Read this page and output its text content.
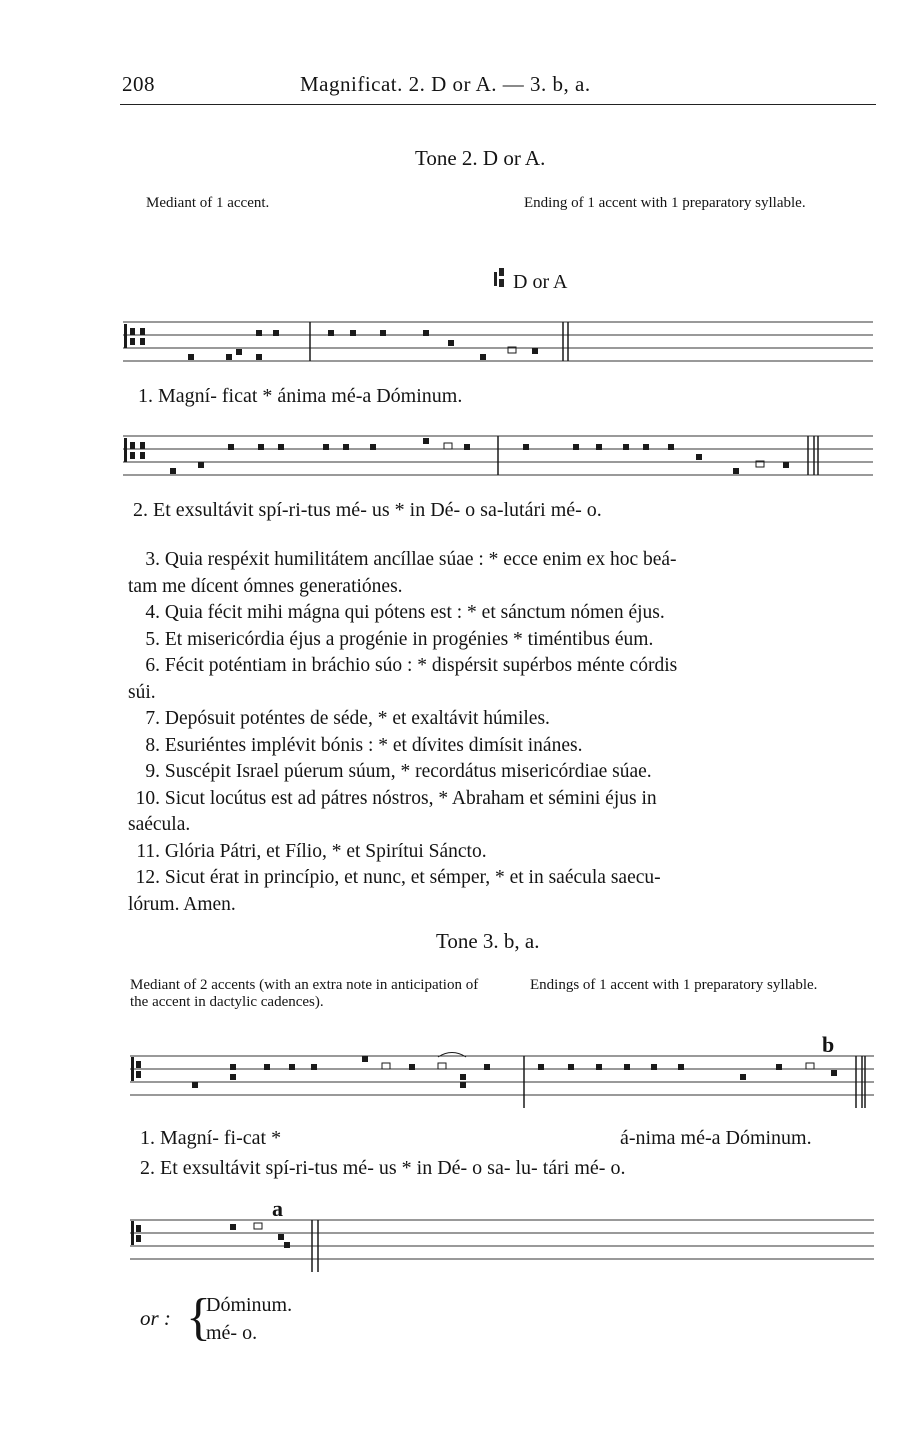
208	Magnificat. 2. D or A. — 3. b, a.
Tone 2. D or A.
Mediant of 1 accent.	Ending of 1 accent with 1 preparatory syllable.
D or A
1. Magní- ficat * ánima mé-a Dóminum.
2. Et exsultávit spí-ri-tus mé- us * in Dé- o sa-lutári mé- o.
3. Quia respéxit humilitátem ancíllae súae : * ecce enim ex hoc beá-
tam me dícent ómnes generatiónes.
4. Quia fécit mihi mágna qui pótens est : * et sánctum nómen éjus.
5. Et misericórdia éjus a progénie in progénies * timéntibus éum.
6. Fécit poténtiam in bráchio súo : * dispérsit supérbos ménte córdis
súi.
7. Depósuit poténtes de séde, * et exaltávit húmiles.
8. Esuriéntes implévit bónis : * et dívites dimísit inánes.
9. Suscépit Israel púerum súum, * recordátus misericórdiae súae.
10. Sicut locútus est ad pátres nóstros, * Abraham et sémini éjus in
saécula.
11. Glória Pátri, et Fílio, * et Spirítui Sáncto.
12. Sicut érat in princípio, et nunc, et sémper, * et in saécula saecu-
lórum. Amen.
Tone 3. b, a.
Mediant of 2 accents (with an extra note in anticipation of the accent in dactylic cadences).
Endings of 1 accent with 1 preparatory syllable.
b
1. Magní- fi-cat *	á-nima mé-a Dóminum.
2. Et exsultávit spí-ri-tus mé- us * in Dé- o sa- lu- tári mé- o.
a
or : {
Dóminum.
mé- o.
